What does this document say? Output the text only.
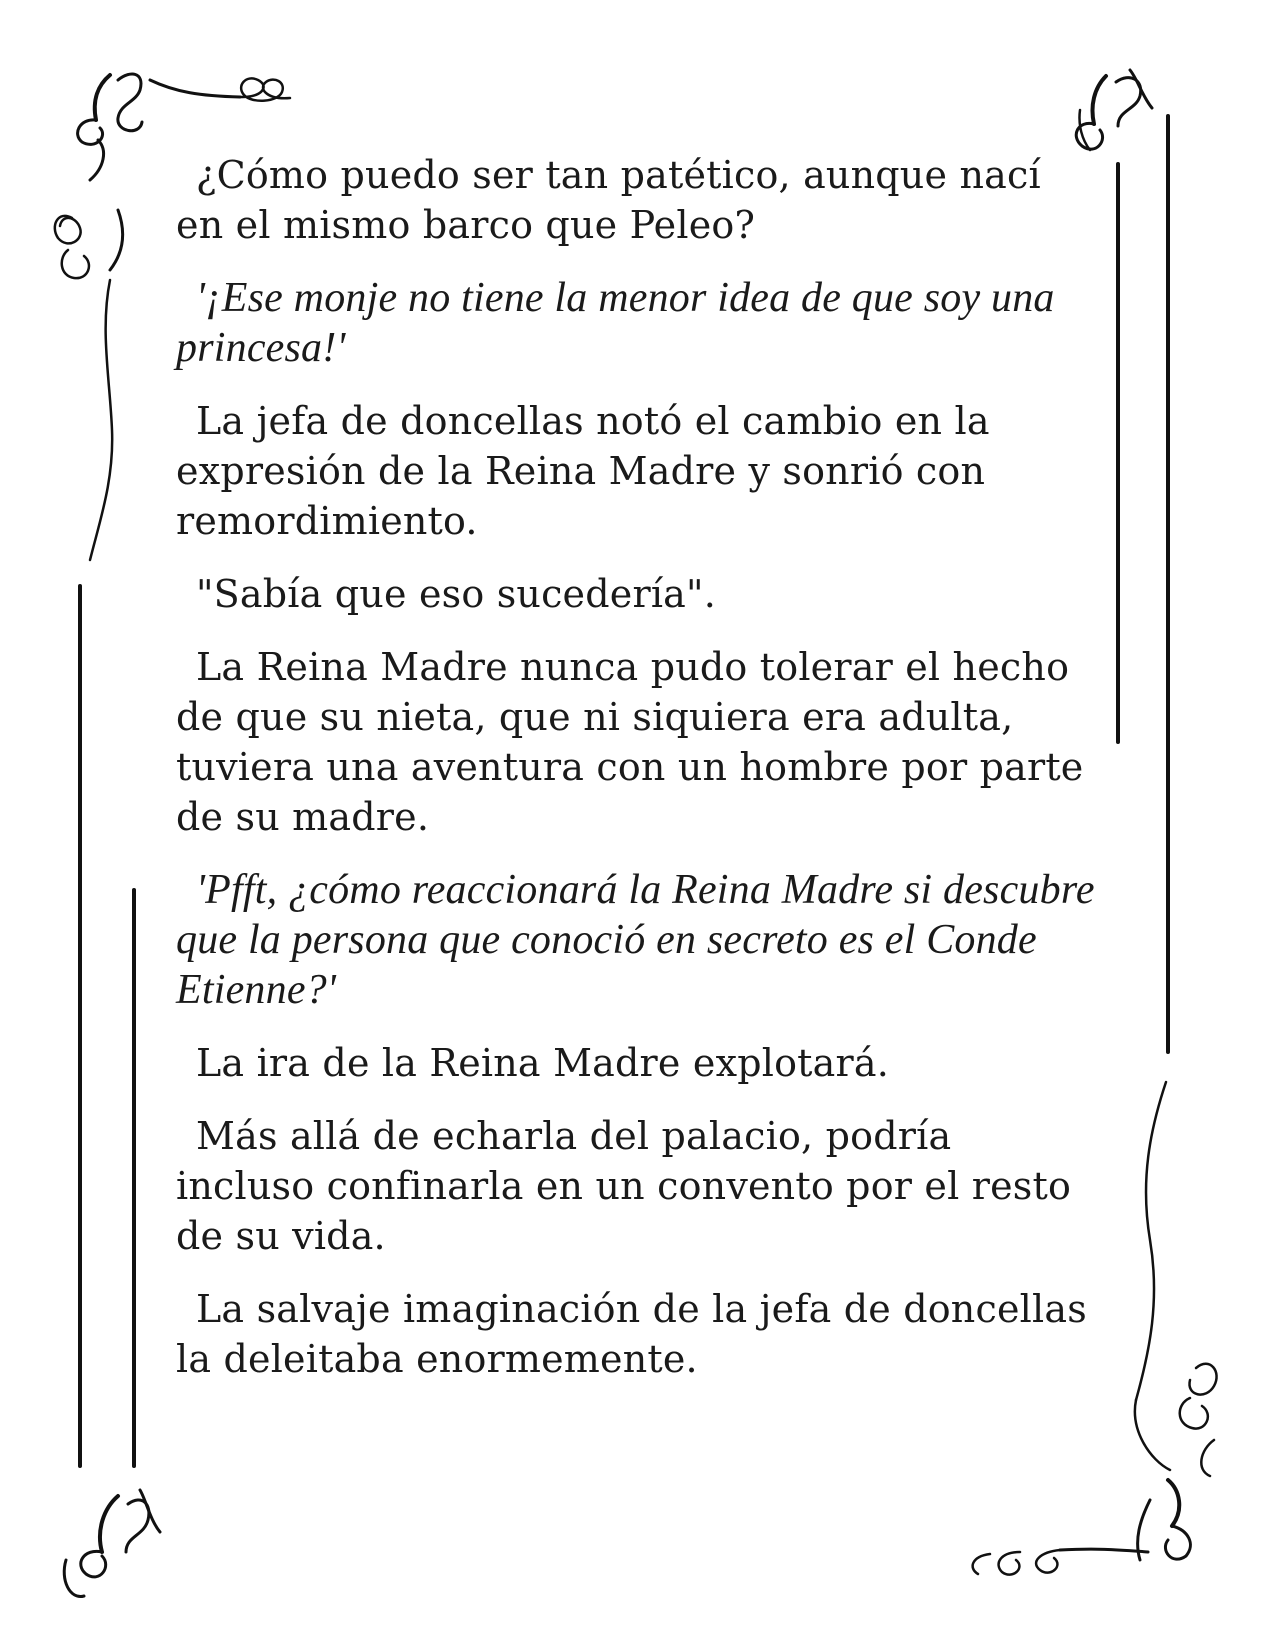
¿Cómo puedo ser tan patético, aunque nací en el mismo barco que Peleo?

'¡Ese monje no tiene la menor idea de que soy una princesa!'

La jefa de doncellas notó el cambio en la expresión de la Reina Madre y sonrió con remordimiento.

"Sabía que eso sucedería".

La Reina Madre nunca pudo tolerar el hecho de que su nieta, que ni siquiera era adulta, tuviera una aventura con un hombre por parte de su madre.

'Pfft, ¿cómo reaccionará la Reina Madre si descubre que la persona que conoció en secreto es el Conde Etienne?'

La ira de la Reina Madre explotará.

Más allá de echarla del palacio, podría incluso confinarla en un convento por el resto de su vida.

La salvaje imaginación de la jefa de doncellas la deleitaba enormemente.
